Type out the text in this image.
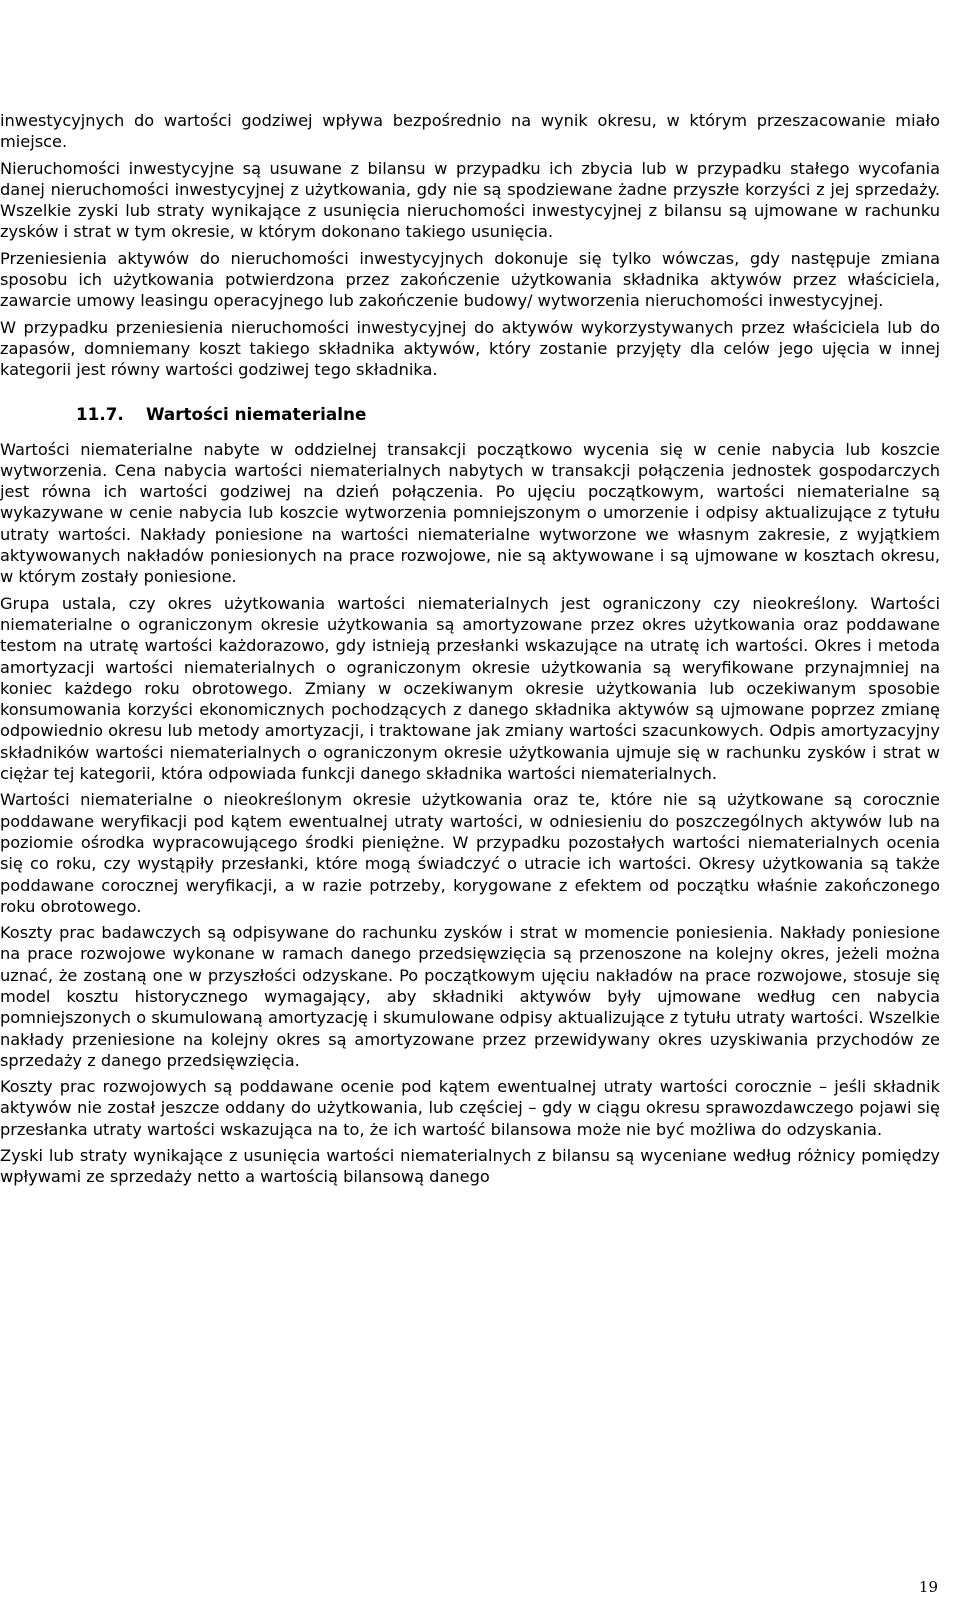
Grupa Kapitałowa TelForceOne
Skonsolidowane sprawozdanie finansowe za rok zakończony dnia 31 grudnia 2012 roku
Dodatkowe informacje i objaśnienia
(w tys. złotych)

inwestycyjnych do wartości godziwej wpływa bezpośrednio na wynik okresu, w którym przeszacowanie miało miejsce.

Nieruchomości inwestycyjne są usuwane z bilansu w przypadku ich zbycia lub w przypadku stałego wycofania danej nieruchomości inwestycyjnej z użytkowania, gdy nie są spodziewane żadne przyszłe korzyści z jej sprzedaży. Wszelkie zyski lub straty wynikające z usunięcia nieruchomości inwestycyjnej z bilansu są ujmowane w rachunku zysków i strat w tym okresie, w którym dokonano takiego usunięcia.

Przeniesienia aktywów do nieruchomości inwestycyjnych dokonuje się tylko wówczas, gdy następuje zmiana sposobu ich użytkowania potwierdzona przez zakończenie użytkowania składnika aktywów przez właściciela, zawarcie umowy leasingu operacyjnego lub zakończenie budowy/ wytworzenia nieruchomości inwestycyjnej.

W przypadku przeniesienia nieruchomości inwestycyjnej do aktywów wykorzystywanych przez właściciela lub do zapasów, domniemany koszt takiego składnika aktywów, który zostanie przyjęty dla celów jego ujęcia w innej kategorii jest równy wartości godziwej tego składnika.

11.7. Wartości niematerialne

Wartości niematerialne nabyte w oddzielnej transakcji początkowo wycenia się w cenie nabycia lub koszcie wytworzenia. Cena nabycia wartości niematerialnych nabytych w transakcji połączenia jednostek gospodarczych jest równa ich wartości godziwej na dzień połączenia. Po ujęciu początkowym, wartości niematerialne są wykazywane w cenie nabycia lub koszcie wytworzenia pomniejszonym o umorzenie i odpisy aktualizujące z tytułu utraty wartości. Nakłady poniesione na wartości niematerialne wytworzone we własnym zakresie, z wyjątkiem aktywowanych nakładów poniesionych na prace rozwojowe, nie są aktywowane i są ujmowane w kosztach okresu, w którym zostały poniesione.

Grupa ustala, czy okres użytkowania wartości niematerialnych jest ograniczony czy nieokreślony. Wartości niematerialne o ograniczonym okresie użytkowania są amortyzowane przez okres użytkowania oraz poddawane testom na utratę wartości każdorazowo, gdy istnieją przesłanki wskazujące na utratę ich wartości. Okres i metoda amortyzacji wartości niematerialnych o ograniczonym okresie użytkowania są weryfikowane przynajmniej na koniec każdego roku obrotowego. Zmiany w oczekiwanym okresie użytkowania lub oczekiwanym sposobie konsumowania korzyści ekonomicznych pochodzących z danego składnika aktywów są ujmowane poprzez zmianę odpowiednio okresu lub metody amortyzacji, i traktowane jak zmiany wartości szacunkowych. Odpis amortyzacyjny składników wartości niematerialnych o ograniczonym okresie użytkowania ujmuje się w rachunku zysków i strat w ciężar tej kategorii, która odpowiada funkcji danego składnika wartości niematerialnych.

Wartości niematerialne o nieokreślonym okresie użytkowania oraz te, które nie są użytkowane są corocznie poddawane weryfikacji pod kątem ewentualnej utraty wartości, w odniesieniu do poszczególnych aktywów lub na poziomie ośrodka wypracowującego środki pieniężne. W przypadku pozostałych wartości niematerialnych ocenia się co roku, czy wystąpiły przesłanki, które mogą świadczyć o utracie ich wartości. Okresy użytkowania są także poddawane corocznej weryfikacji, a w razie potrzeby, korygowane z efektem od początku właśnie zakończonego roku obrotowego.

Koszty prac badawczych są odpisywane do rachunku zysków i strat w momencie poniesienia. Nakłady poniesione na prace rozwojowe wykonane w ramach danego przedsięwzięcia są przenoszone na kolejny okres, jeżeli można uznać, że zostaną one w przyszłości odzyskane. Po początkowym ujęciu nakładów na prace rozwojowe, stosuje się model kosztu historycznego wymagający, aby składniki aktywów były ujmowane według cen nabycia pomniejszonych o skumulowaną amortyzację i skumulowane odpisy aktualizujące z tytułu utraty wartości. Wszelkie nakłady przeniesione na kolejny okres są amortyzowane przez przewidywany okres uzyskiwania przychodów ze sprzedaży z danego przedsięwzięcia.

Koszty prac rozwojowych są poddawane ocenie pod kątem ewentualnej utraty wartości corocznie – jeśli składnik aktywów nie został jeszcze oddany do użytkowania, lub częściej – gdy w ciągu okresu sprawozdawczego pojawi się przesłanka utraty wartości wskazująca na to, że ich wartość bilansowa może nie być możliwa do odzyskania.

Zyski lub straty wynikające z usunięcia wartości niematerialnych z bilansu są wyceniane według różnicy pomiędzy wpływami ze sprzedaży netto a wartością bilansową danego

19
